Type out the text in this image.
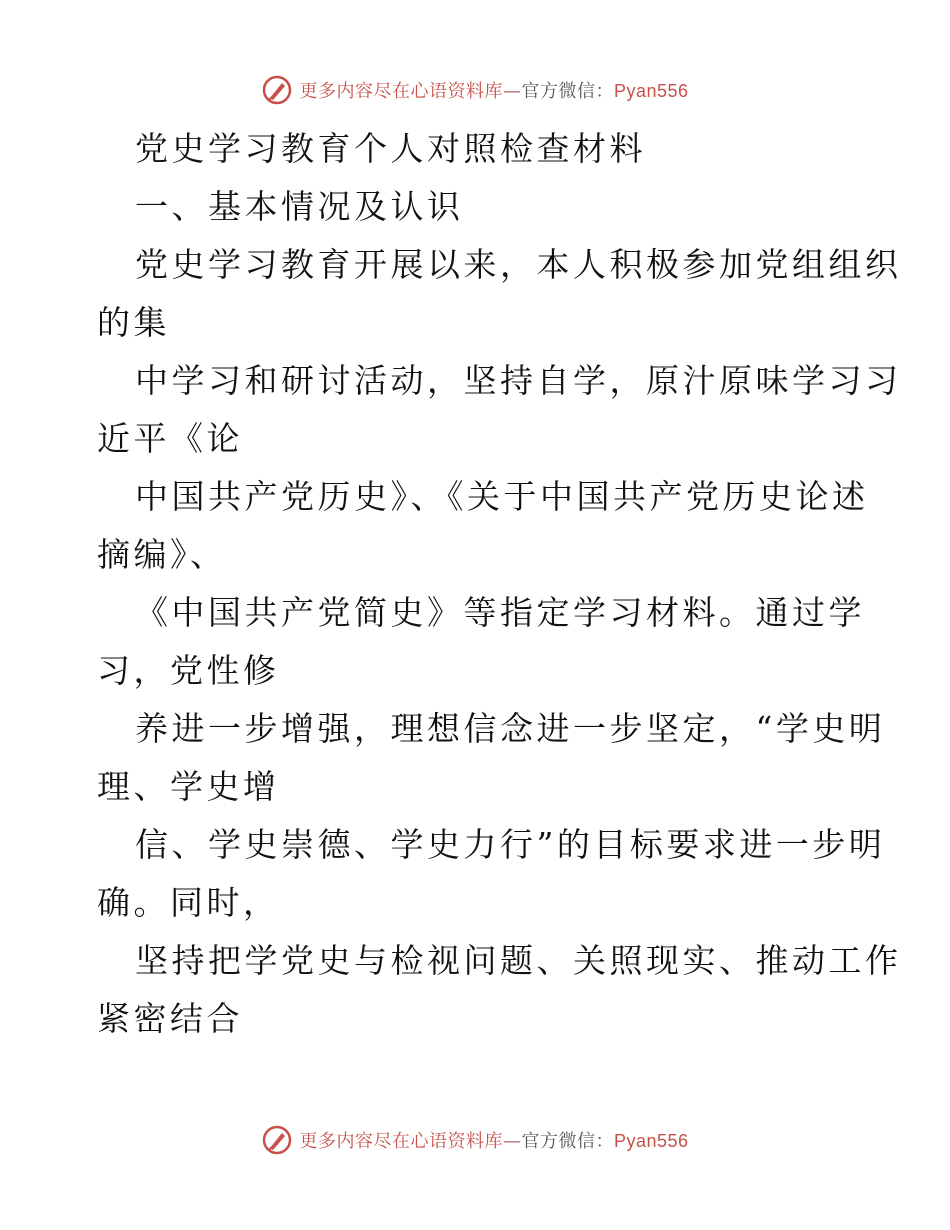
更多内容尽在心语资料库—官方微信：Pyan556
党史学习教育个人对照检查材料
一、基本情况及认识
党史学习教育开展以来，本人积极参加党组组织
的集
中学习和研讨活动，坚持自学，原汁原味学习习
近平《论
中国共产党历史》、《关于中国共产党历史论述
摘编》、
《中国共产党简史》等指定学习材料。通过学
习，党性修
养进一步增强，理想信念进一步坚定，“学史明
理、学史增
信、学史崇德、学史力行”的目标要求进一步明
确。同时，
坚持把学党史与检视问题、关照现实、推动工作
紧密结合
更多内容尽在心语资料库—官方微信：Pyan556
